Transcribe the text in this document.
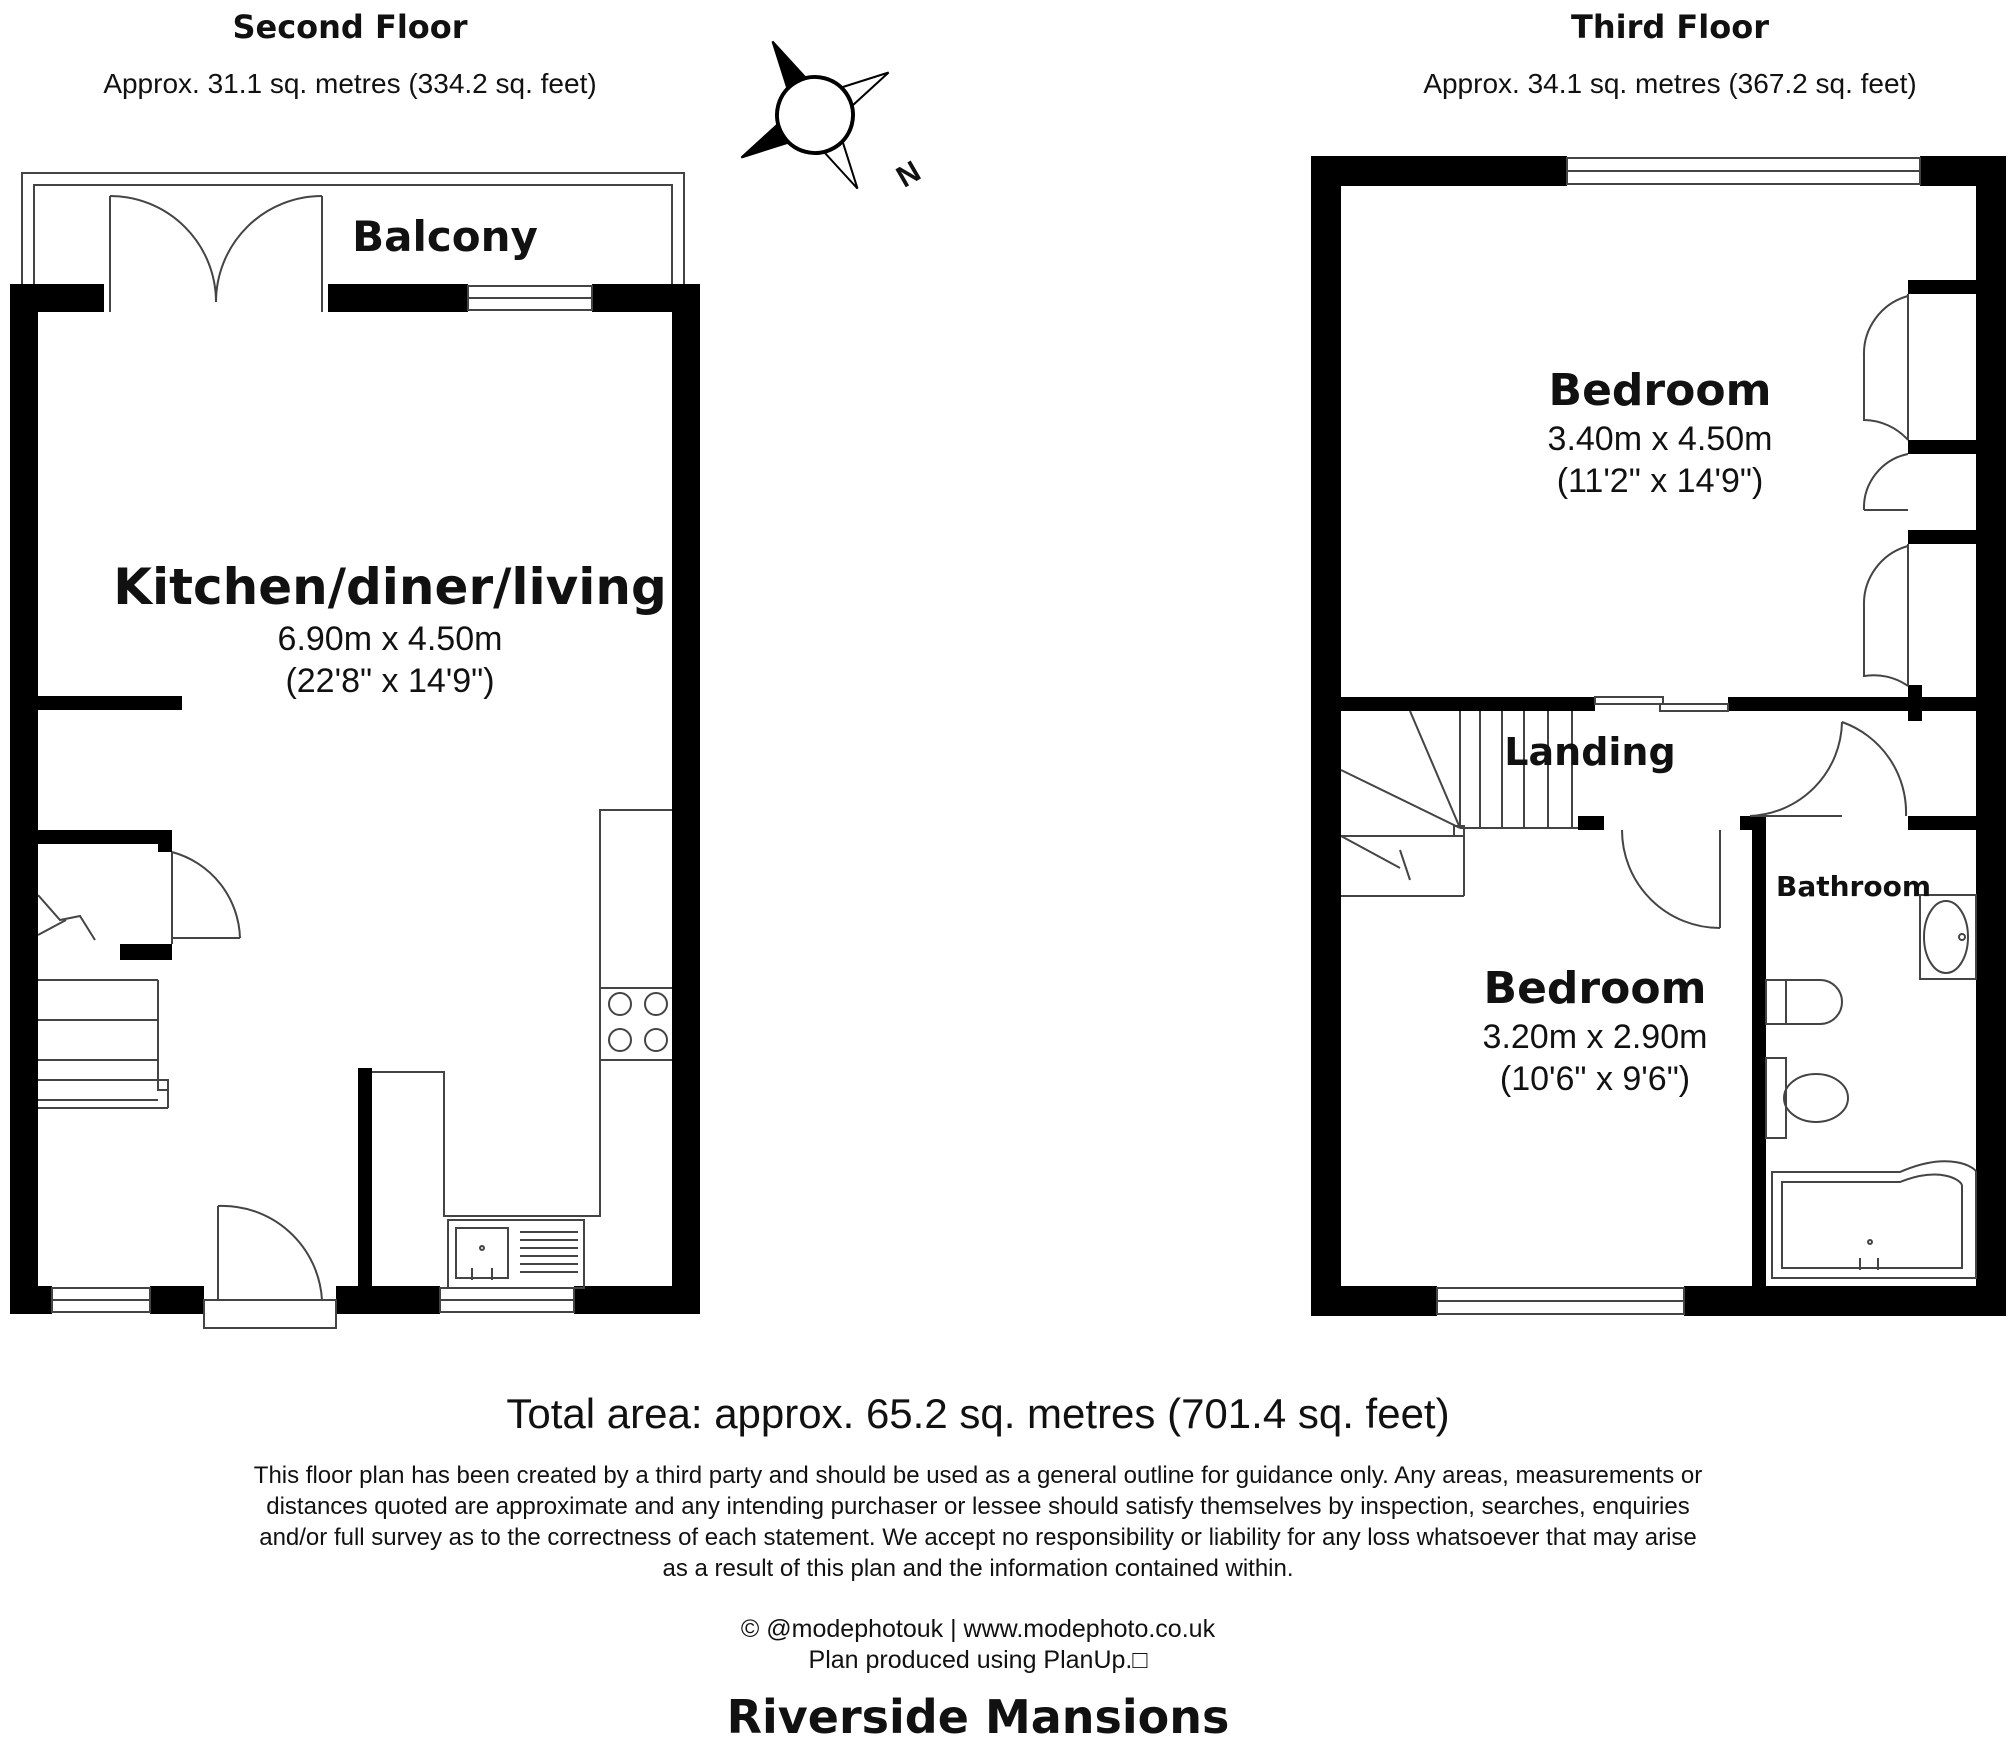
Second Floor
Approx. 31.1 sq. metres (334.2 sq. feet)
Third Floor
Approx. 34.1 sq. metres (367.2 sq. feet)
N
Balcony
Kitchen/diner/living
6.90m x 4.50m
(22'8" x 14'9")
Bedroom
3.40m x 4.50m
(11'2" x 14'9")
Landing
Bathroom
Bedroom
3.20m x 2.90m
(10'6" x 9'6")
Total area: approx. 65.2 sq. metres (701.4 sq. feet)
This floor plan has been created by a third party and should be used as a general outline for guidance only. Any areas, measurements or
distances quoted are approximate and any intending purchaser or lessee should satisfy themselves by inspection, searches, enquiries
and/or full survey as to the correctness of each statement. We accept no responsibility or liability for any loss whatsoever that may arise
as a result of this plan and the information contained within.
© @modephotouk | www.modephoto.co.uk
Plan produced using PlanUp.□
Riverside Mansions
